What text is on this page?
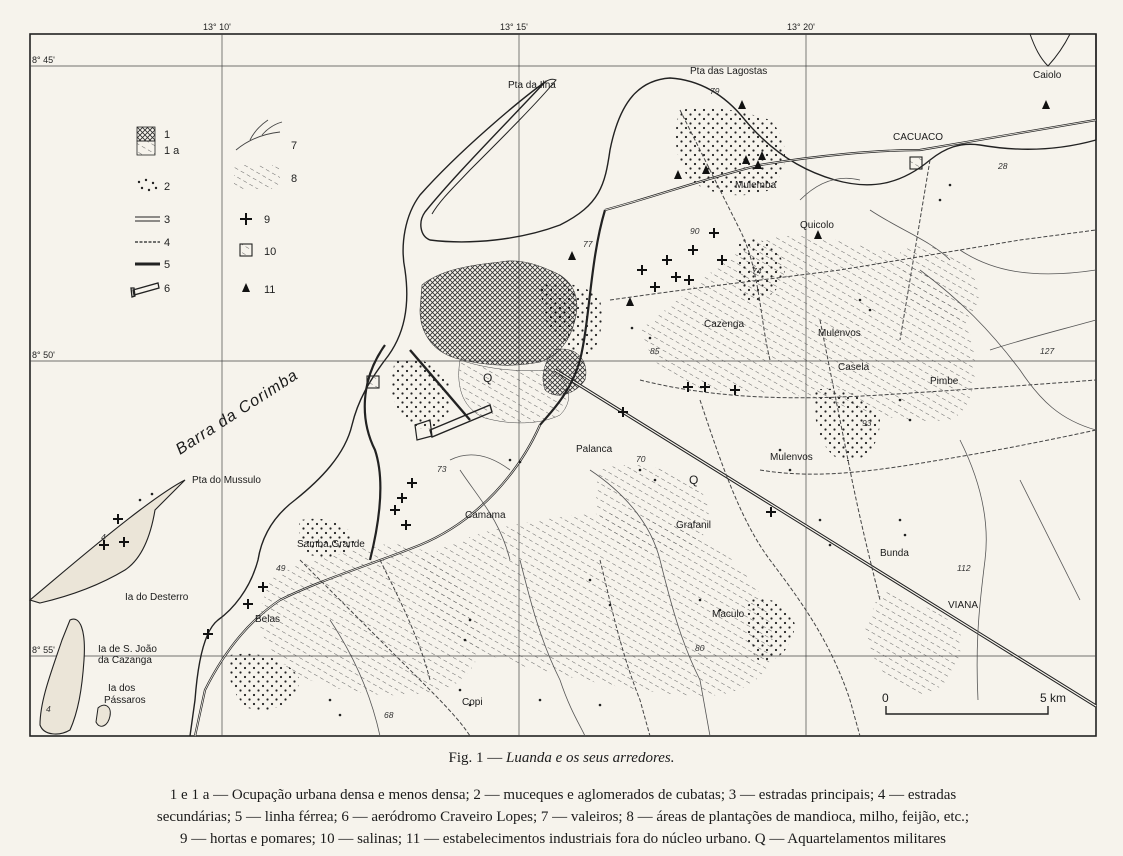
13° 10'	13° 15'	13° 20'
8° 45'
8° 50'
8° 55'
Pta da Ilha
Pta das Lagostas	Caiolo
CACUACO
Mulemba
Quicolo
Cazenga
Mulenvos
Casela
Pimbe
Mulenvos
Palanca
Grafanil
Camama
Samba Grande
Bunda
VIANA
Maculo
Belas
Copi
Pta do Mussulo
Ia do Desterro
Ia de S. João
da Cazanga
Ia dos
Pássaros
Barra da Corimba	Q
Q
79
77
90
74
28
85	127
93
70
73
49	112
80
68
4
4
0	5 km
1
1 a
2
3
4
5
6
7
8
9
10
11
Fig. 1 — Luanda e os seus arredores.
1 e 1 a — Ocupação urbana densa e menos densa; 2 — muceques e aglomerados de cubatas; 3 — estradas principais; 4 — estradas
secundárias; 5 — linha férrea; 6 — aeródromo Craveiro Lopes; 7 — valeiros; 8 — áreas de plantações de mandioca, milho, feijão, etc.;
9 — hortas e pomares; 10 — salinas; 11 — estabelecimentos industriais fora do núcleo urbano. Q — Aquartelamentos militares
